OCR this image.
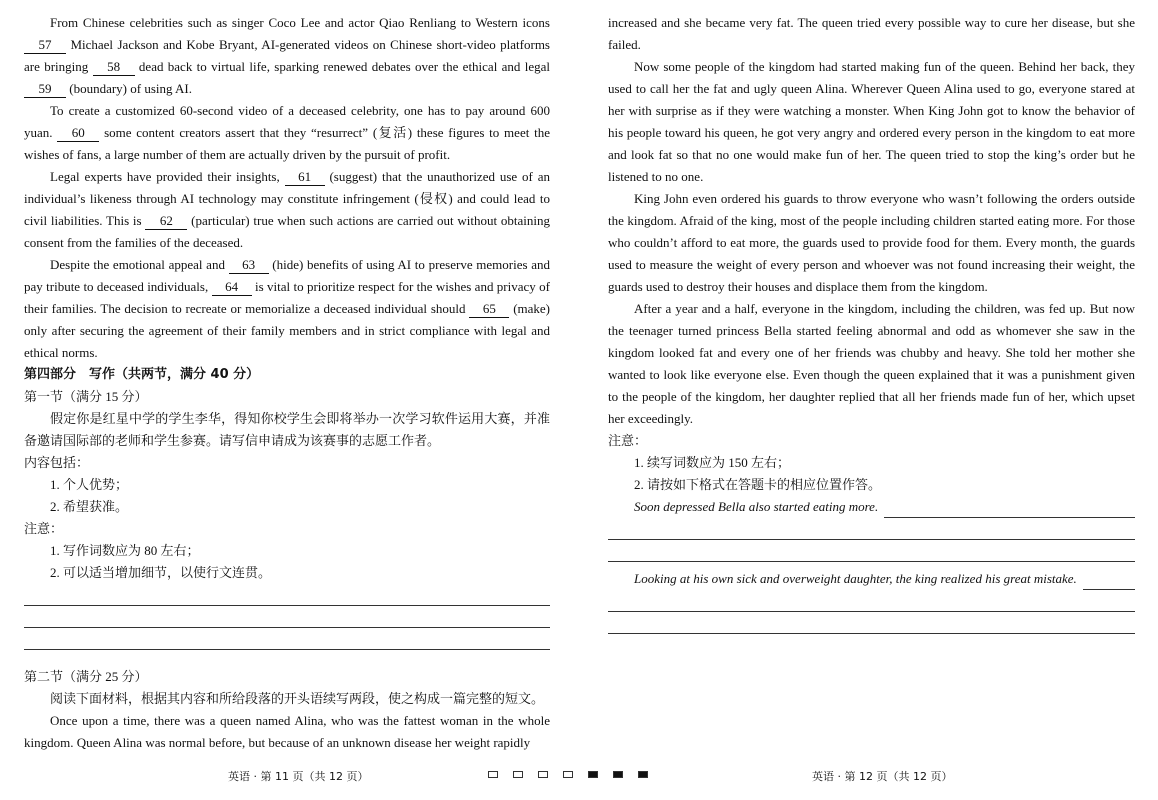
From Chinese celebrities such as singer Coco Lee and actor Qiao Renliang to Western icons 57 Michael Jackson and Kobe Bryant, AI-generated videos on Chinese short-video platforms are bringing 58 dead back to virtual life, sparking renewed debates over the ethical and legal 59 (boundary) of using AI.

To create a customized 60-second video of a deceased celebrity, one has to pay around 600 yuan. 60 some content creators assert that they “resurrect” (复活) these figures to meet the wishes of fans, a large number of them are actually driven by the pursuit of profit.

Legal experts have provided their insights, 61 (suggest) that the unauthorized use of an individual’s likeness through AI technology may constitute infringement (侵权) and could lead to civil liabilities. This is 62 (particular) true when such actions are carried out without obtaining consent from the families of the deceased.

Despite the emotional appeal and 63 (hide) benefits of using AI to preserve memories and pay tribute to deceased individuals, 64 is vital to prioritize respect for the wishes and privacy of their families. The decision to recreate or memorialize a deceased individual should 65 (make) only after securing the agreement of their family members and in strict compliance with legal and ethical norms.

第四部分　写作（共两节，满分 40 分）

第一节（满分 15 分）

假定你是红星中学的学生李华，得知你校学生会即将举办一次学习软件运用大赛，并准备邀请国际部的老师和学生参赛。请写信申请成为该赛事的志愿工作者。

内容包括：

1. 个人优势；

2. 希望获准。

注意：

1. 写作词数应为 80 左右；

2. 可以适当增加细节，以使行文连贯。

第二节（满分 25 分）

阅读下面材料，根据其内容和所给段落的开头语续写两段，使之构成一篇完整的短文。

Once upon a time, there was a queen named Alina, who was the fattest woman in the whole kingdom. Queen Alina was normal before, but because of an unknown disease her weight rapidly

increased and she became very fat. The queen tried every possible way to cure her disease, but she failed.

Now some people of the kingdom had started making fun of the queen. Behind her back, they used to call her the fat and ugly queen Alina. Wherever Queen Alina used to go, everyone stared at her with surprise as if they were watching a monster. When King John got to know the behavior of his people toward his queen, he got very angry and ordered every person in the kingdom to eat more and look fat so that no one would make fun of her. The queen tried to stop the king’s order but he listened to no one.

King John even ordered his guards to throw everyone who wasn’t following the orders outside the kingdom. Afraid of the king, most of the people including children started eating more. For those who couldn’t afford to eat more, the guards used to provide food for them. Every month, the guards used to measure the weight of every person and whoever was not found increasing their weight, the guards used to destroy their houses and displace them from the kingdom.

After a year and a half, everyone in the kingdom, including the children, was fed up. But now the teenager turned princess Bella started feeling abnormal and odd as whomever she saw in the kingdom looked fat and every one of her friends was chubby and heavy. She told her mother she wanted to look like everyone else. Even though the queen explained that it was a punishment given to the people of the kingdom, her daughter replied that all her friends made fun of her, which upset her exceedingly.

注意：

1. 续写词数应为 150 左右；

2. 请按如下格式在答题卡的相应位置作答。

Soon depressed Bella also started eating more.
Looking at his own sick and overweight daughter, the king realized his great mistake.
英语 · 第 11 页（共 12 页）	英语 · 第 12 页（共 12 页）
